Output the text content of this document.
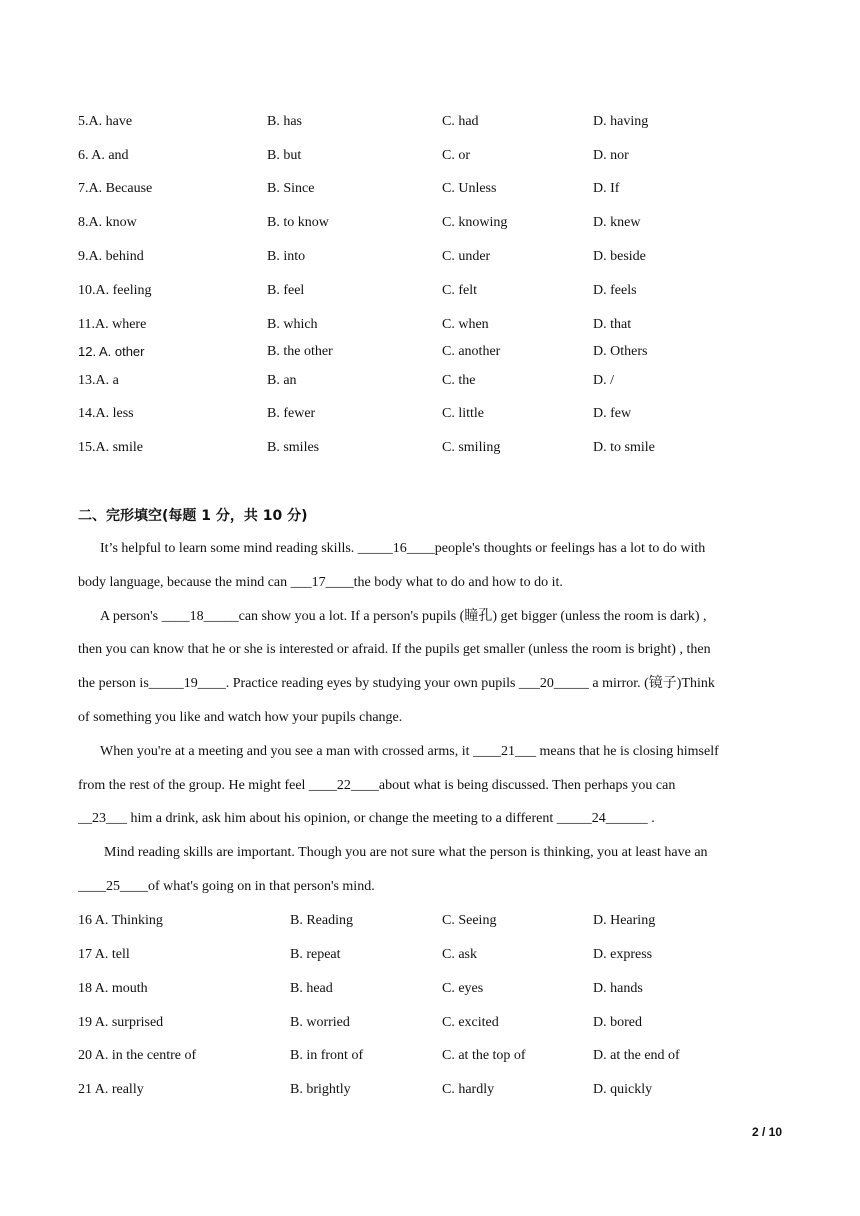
5.A. have	B. has	C. had	D. having
6. A. and	B. but	C. or	D. nor
7.A. Because	B. Since	C. Unless	D. If
8.A. know	B. to know	C. knowing	D. knew
9.A. behind	B. into	C. under	D. beside
10.A. feeling	B. feel	C. felt	D. feels
11.A. where	B. which	C. when	D. that
12. A. other	B. the other	C. another	D. Others
13.A. a	B. an	C. the	D. /
14.A. less	B. fewer	C. little	D. few
15.A. smile	B. smiles	C. smiling	D. to smile
二、完形填空(每题 1 分，共 10 分)
It’s helpful to learn some mind reading skills. _____16____people's thoughts or feelings has a lot to do with
body language, because the mind can ___17____the body what to do and how to do it.
A person's ____18_____can show you a lot. If a person's pupils (瞳孔) get bigger (unless the room is dark) ,
then you can know that he or she is interested or afraid. If the pupils get smaller (unless the room is bright) , then
the person is_____19____. Practice reading eyes by studying your own pupils ___20_____ a mirror. (镜子)Think
of something you like and watch how your pupils change.
When you're at a meeting and you see a man with crossed arms, it ____21___ means that he is closing himself
from the rest of the group. He might feel ____22____about what is being discussed. Then perhaps you can
__23___ him a drink, ask him about his opinion, or change the meeting to a different _____24______ .
Mind reading skills are important. Though you are not sure what the person is thinking, you at least have an
____25____of what's going on in that person's mind.
16 A. Thinking	B. Reading	C. Seeing	D. Hearing
17 A. tell	B. repeat	C. ask	D. express
18 A. mouth	B. head	C. eyes	D. hands
19 A. surprised	B. worried	C. excited	D. bored
20 A. in the centre of	B. in front of	C. at the top of	D. at the end of
21 A. really	B. brightly	C. hardly	D. quickly
2 / 10
